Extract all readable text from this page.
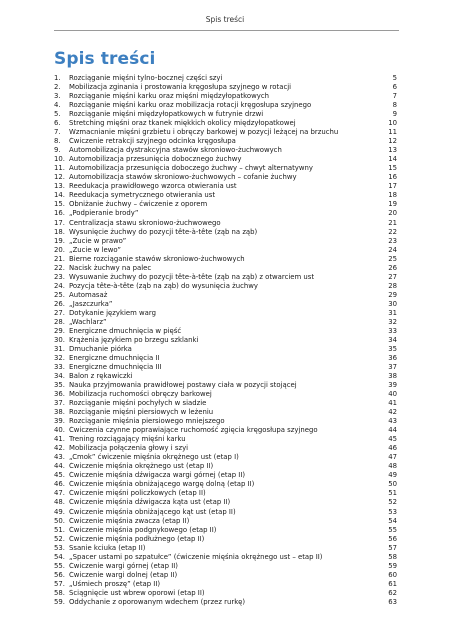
Spis treści
Spis treści
1.	Rozciąganie mięśni tylno-bocznej części szyi	5
2.	Mobilizacja zginania i prostowania kręgosłupa szyjnego w rotacji	6
3.	Rozciąganie mięśni karku oraz mięśni międzyłopatkowych	7
4.	Rozciąganie mięśni karku oraz mobilizacja rotacji kręgosłupa szyjnego	8
5.	Rozciąganie mięśni międzyłopatkowych w futrynie drzwi	9
6.	Stretching mięśni oraz tkanek miękkich okolicy międzyłopatkowej	10
7.	Wzmacnianie mięśni grzbietu i obręczy barkowej w pozycji leżącej na brzuchu	11
8.	Ćwiczenie retrakcji szyjnego odcinka kręgosłupa	12
9.	Automobilizacja dystrakcyjna stawów skroniowo-żuchwowych	13
10. Automobilizacja przesunięcia dobocznego żuchwy	14
11. Automobilizacja przesunięcia doboczego żuchwy – chwyt alternatywny	15
12. Automobilizacja stawów skroniowo-żuchwowych – cofanie żuchwy	16
13. Reedukacja prawidłowego wzorca otwierania ust	17
14. Reedukacja symetrycznego otwierania ust	18
15. Obniżanie żuchwy – ćwiczenie z oporem	19
16. „Podpieranie brody”	20
17. Centralizacja stawu skroniowo-żuchwowego	21
18. Wysunięcie żuchwy do pozycji tête-à-tête (ząb na ząb)	22
19. „Żucie w prawo”	23
20. „Żucie w lewo”	24
21. Bierne rozciąganie stawów skroniowo-żuchwowych	25
22. Nacisk żuchwy na palec	26
23. Wysuwanie żuchwy do pozycji tête-à-tête (ząb na ząb) z otwarciem ust	27
24. Pozycja tête-à-tête (ząb na ząb) do wysunięcia żuchwy	28
25. Automasaż	29
26. „Jaszczurka”	30
27. Dotykanie językiem warg	31
28. „Wachlarz”	32
29. Energiczne dmuchnięcia w pięść	33
30. Krążenia językiem po brzegu szklanki	34
31. Dmuchanie piórka	35
32. Energiczne dmuchnięcia II	36
33. Energiczne dmuchnięcia III	37
34. Balon z rękawiczki	38
35. Nauka przyjmowania prawidłowej postawy ciała w pozycji stojącej	39
36. Mobilizacja ruchomości obręczy barkowej	40
37. Rozciąganie mięśni pochyłych w siadzie	41
38. Rozciąganie mięśni piersiowych w leżeniu	42
39. Rozciąganie mięśnia piersiowego mniejszego	43
40. Ćwiczenia czynne poprawiające ruchomość zgięcia kręgosłupa szyjnego	44
41. Trening rozciągający mięśni karku	45
42. Mobilizacja połączenia głowy i szyi	46
43. „Cmok” ćwiczenie mięśnia okrężnego ust (etap I)	47
44. Ćwiczenie mięśnia okrężnego ust (etap II)	48
45. Ćwiczenie mięśnia dźwigacza wargi górnej (etap II)	49
46. Ćwiczenie mięśnia obniżającego wargę dolną (etap II)	50
47. Ćwiczenie mięśni policzkowych (etap II)	51
48. Ćwiczenie mięśnia dźwigacza kąta ust (etap II)	52
49. Ćwiczenie mięśnia obniżającego kąt ust (etap II)	53
50. Ćwiczenie mięśnia zwacza (etap II)	54
51. Ćwiczenie mięśnia podgnykowego (etap II)	55
52. Ćwiczenie mięśnia podłużnego (etap II)	56
53. Ssanie kciuka (etap II)	57
54. „Spacer ustami po szpatułce” (ćwiczenie mięśnia okrężnego ust – etap II)	58
55. Ćwiczenie wargi górnej (etap II)	59
56. Ćwiczenie wargi dolnej (etap II)	60
57. „Uśmiech proszę” (etap II)	61
58. Ściągnięcie ust wbrew oporowi (etap II)	62
59. Oddychanie z oporowanym wdechem (przez rurkę)	63
